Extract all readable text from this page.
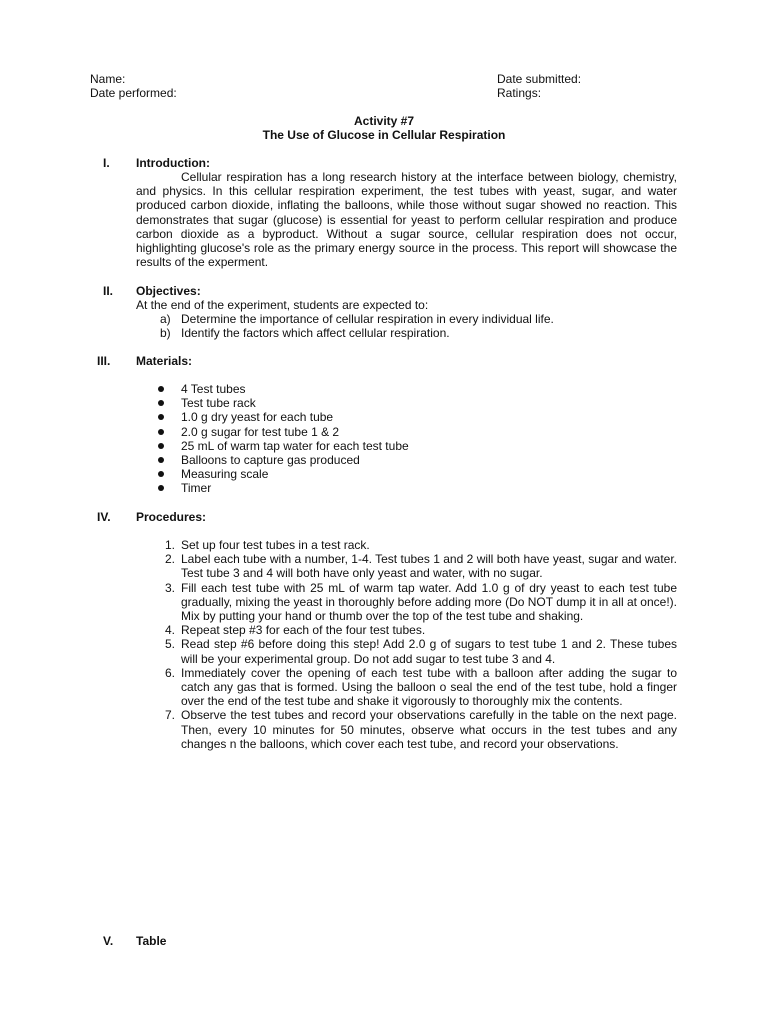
Name:
Date performed:
Date submitted:
Ratings:
Activity #7
The Use of Glucose in Cellular Respiration
I. Introduction:
Cellular respiration has a long research history at the interface between biology, chemistry, and physics. In this cellular respiration experiment, the test tubes with yeast, sugar, and water produced carbon dioxide, inflating the balloons, while those without sugar showed no reaction. This demonstrates that sugar (glucose) is essential for yeast to perform cellular respiration and produce carbon dioxide as a byproduct. Without a sugar source, cellular respiration does not occur, highlighting glucose's role as the primary energy source in the process. This report will showcase the results of the experment.
II. Objectives:
At the end of the experiment, students are expected to:
a) Determine the importance of cellular respiration in every individual life.
b) Identify the factors which affect cellular respiration.
III. Materials:
4 Test tubes
Test tube rack
1.0 g dry yeast for each tube
2.0 g sugar for test tube 1 & 2
25 mL of warm tap water for each test tube
Balloons to capture gas produced
Measuring scale
Timer
IV. Procedures:
1. Set up four test tubes in a test rack.
2. Label each tube with a number, 1-4. Test tubes 1 and 2 will both have yeast, sugar and water. Test tube 3 and 4 will both have only yeast and water, with no sugar.
3. Fill each test tube with 25 mL of warm tap water. Add 1.0 g of dry yeast to each test tube gradually, mixing the yeast in thoroughly before adding more (Do NOT dump it in all at once!). Mix by putting your hand or thumb over the top of the test tube and shaking.
4. Repeat step #3 for each of the four test tubes.
5. Read step #6 before doing this step! Add 2.0 g of sugars to test tube 1 and 2. These tubes will be your experimental group. Do not add sugar to test tube 3 and 4.
6. Immediately cover the opening of each test tube with a balloon after adding the sugar to catch any gas that is formed. Using the balloon o seal the end of the test tube, hold a finger over the end of the test tube and shake it vigorously to thoroughly mix the contents.
7. Observe the test tubes and record your observations carefully in the table on the next page. Then, every 10 minutes for 50 minutes, observe what occurs in the test tubes and any changes n the balloons, which cover each test tube, and record your observations.
V. Table
